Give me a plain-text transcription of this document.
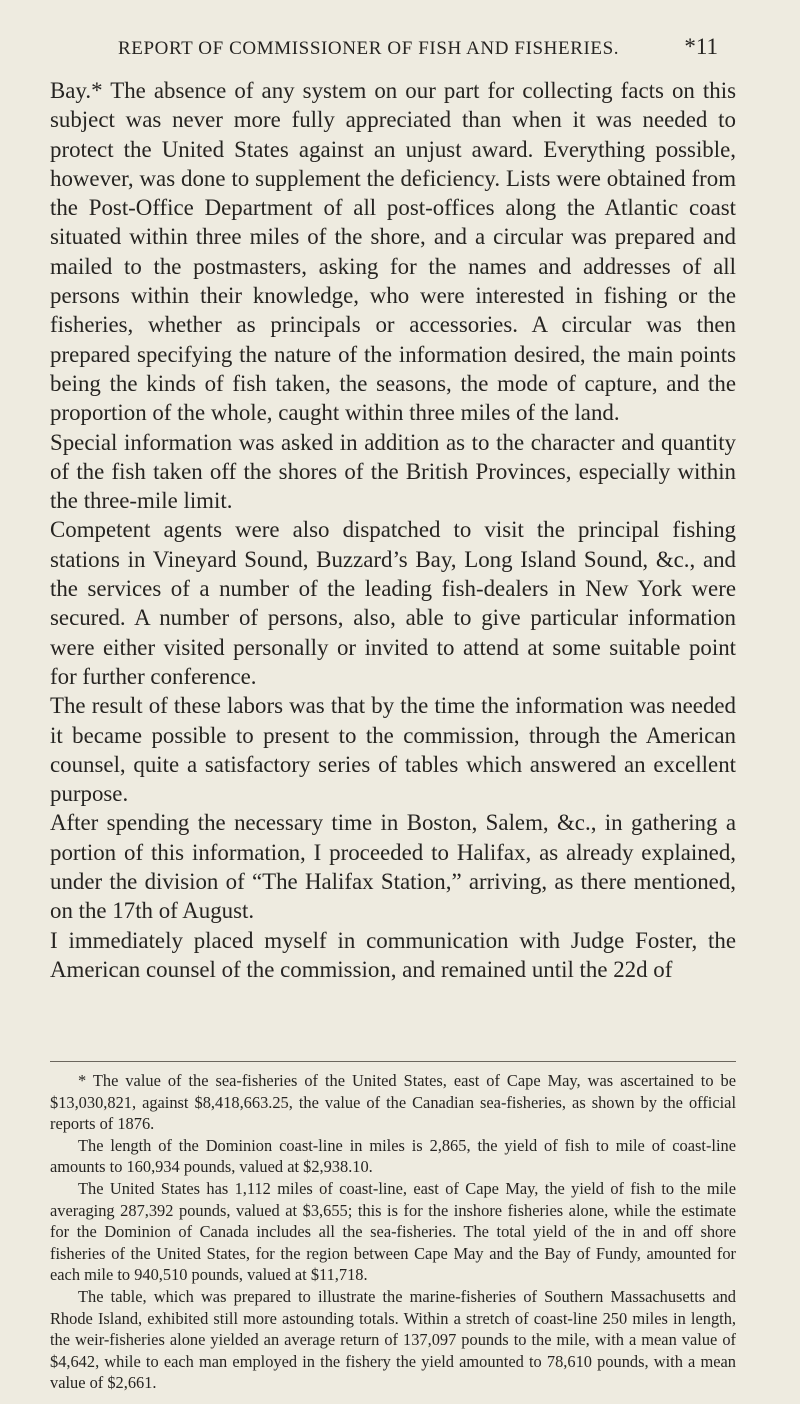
REPORT OF COMMISSIONER OF FISH AND FISHERIES.	*11

Bay.* The absence of any system on our part for collecting facts on this subject was never more fully appreciated than when it was needed to protect the United States against an unjust award. Everything possible, however, was done to supplement the deficiency. Lists were obtained from the Post-Office Department of all post-offices along the Atlantic coast situated within three miles of the shore, and a circular was prepared and mailed to the postmasters, asking for the names and addresses of all persons within their knowledge, who were interested in fishing or the fisheries, whether as principals or accessories. A circular was then prepared specifying the nature of the information desired, the main points being the kinds of fish taken, the seasons, the mode of capture, and the proportion of the whole, caught within three miles of the land.

Special information was asked in addition as to the character and quantity of the fish taken off the shores of the British Provinces, especially within the three-mile limit.

Competent agents were also dispatched to visit the principal fishing stations in Vineyard Sound, Buzzard’s Bay, Long Island Sound, &c., and the services of a number of the leading fish-dealers in New York were secured. A number of persons, also, able to give particular information were either visited personally or invited to attend at some suitable point for further conference.

The result of these labors was that by the time the information was needed it became possible to present to the commission, through the American counsel, quite a satisfactory series of tables which answered an excellent purpose.

After spending the necessary time in Boston, Salem, &c., in gathering a portion of this information, I proceeded to Halifax, as already explained, under the division of “The Halifax Station,” arriving, as there mentioned, on the 17th of August.

I immediately placed myself in communication with Judge Foster, the American counsel of the commission, and remained until the 22d of

* The value of the sea-fisheries of the United States, east of Cape May, was ascertained to be $13,030,821, against $8,418,663.25, the value of the Canadian sea-fisheries, as shown by the official reports of 1876.

The length of the Dominion coast-line in miles is 2,865, the yield of fish to mile of coast-line amounts to 160,934 pounds, valued at $2,938.10.

The United States has 1,112 miles of coast-line, east of Cape May, the yield of fish to the mile averaging 287,392 pounds, valued at $3,655; this is for the inshore fisheries alone, while the estimate for the Dominion of Canada includes all the sea-fisheries. The total yield of the in and off shore fisheries of the United States, for the region between Cape May and the Bay of Fundy, amounted for each mile to 940,510 pounds, valued at $11,718.

The table, which was prepared to illustrate the marine-fisheries of Southern Massachusetts and Rhode Island, exhibited still more astounding totals. Within a stretch of coast-line 250 miles in length, the weir-fisheries alone yielded an average return of 137,097 pounds to the mile, with a mean value of $4,642, while to each man employed in the fishery the yield amounted to 78,610 pounds, with a mean value of $2,661.
